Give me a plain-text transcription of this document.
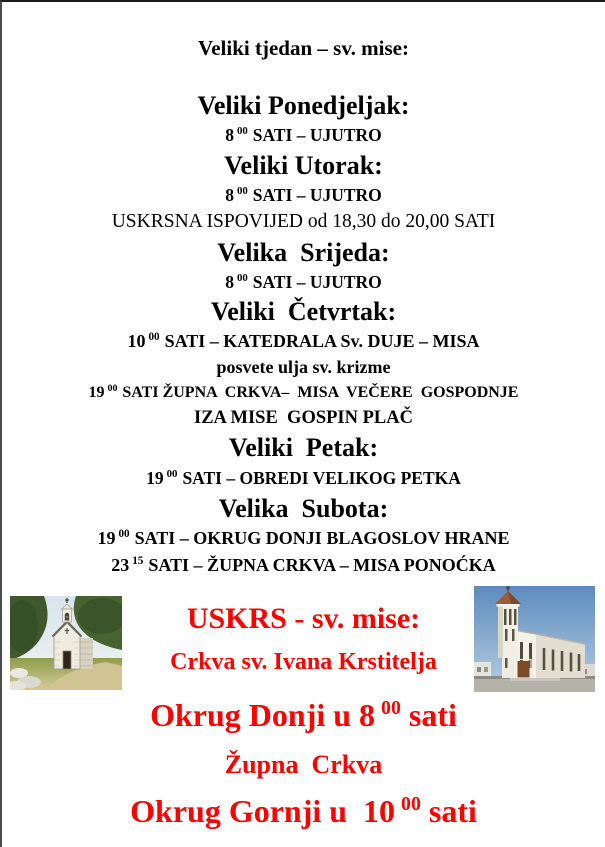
Veliki tjedan – sv. mise:
Veliki Ponedjeljak:
8 $^{00}$ SATI – UJUTRO
Veliki Utorak:
8 $^{00}$ SATI – UJUTRO
USKRSNA ISPOVIJED od 18,30 do 20,00 SATI
Velika  Srijeda:
8 $^{00}$ SATI – UJUTRO
Veliki  Četvrtak:
10 $^{00}$ SATI – KATEDRALA Sv. DUJE – MISA
posvete ulja sv. krizme
19 $^{00}$ SATI ŽUPNA  CRKVA–  MISA  VEČERE  GOSPODNJE
IZA MISE  GOSPIN PLAČ
Veliki  Petak:
19 $^{00}$ SATI – OBREDI VELIKOG PETKA
Velika  Subota:
19 $^{00}$ SATI – OKRUG DONJI BLAGOSLOV HRANE
23 $^{15}$ SATI – ŽUPNA CRKVA – MISA PONOĆKA
USKRS - sv. mise:
Crkva sv. Ivana Krstitelja
Okrug Donji u 8 $^{00}$ sati
Župna  Crkva
Okrug Gornji u  10 $^{00}$ sati
